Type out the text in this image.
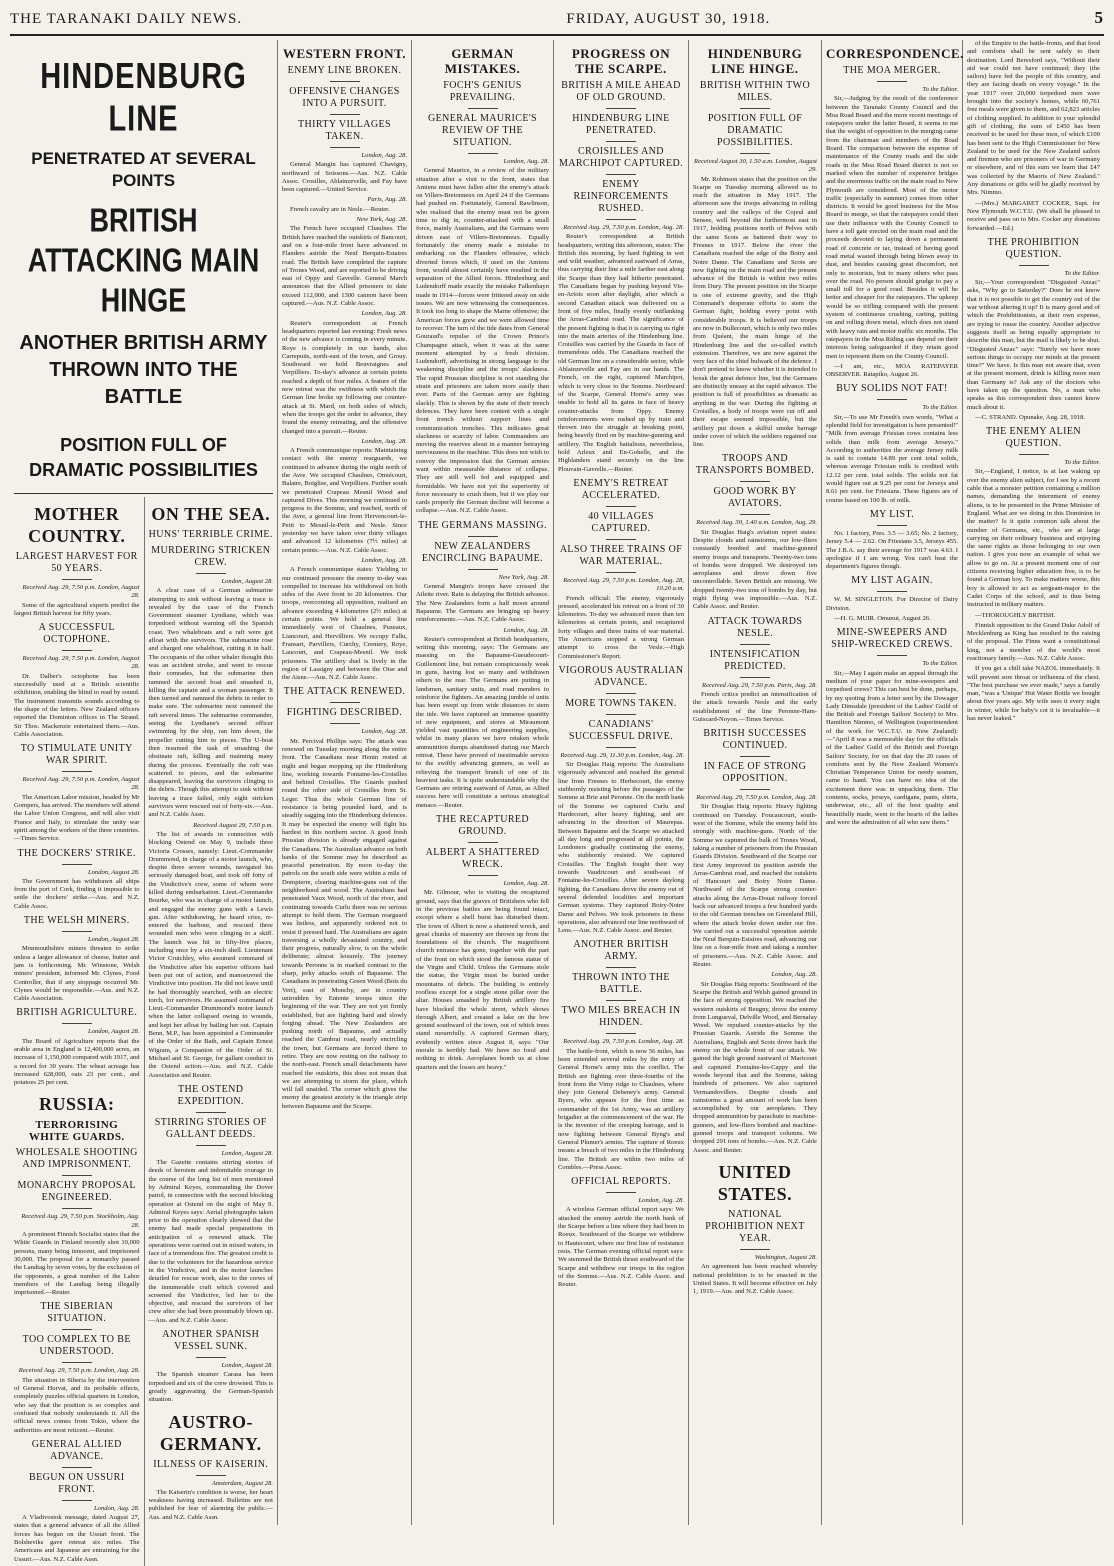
THE TARANAKI DAILY NEWS.	FRIDAY, AUGUST 30, 1918.	5
HINDENBURG LINE
PENETRATED AT SEVERAL POINTS
BRITISH ATTACKING MAIN HINGE
ANOTHER BRITISH ARMY THROWN INTO THE BATTLE
POSITION FULL OF DRAMATIC POSSIBILITIES
MOTHER COUNTRY.
LARGEST HARVEST FOR 50 YEARS.
Received Aug. 29, 7.50 p.m. London, August 28.

Some of the agricultural experts predict the largest British harvest for fifty years.

A SUCCESSFUL OCTOPHONE.
Received Aug. 29, 7.50 p.m. London, August 28.

Dr. Dalber's octophone has been successfully used at a British scientific exhibition, enabling the blind to read by sound. The instrument transmits sounds according to the shape of the letters. New Zealand officers reported the Dominion offices in The Strand. Sir Thos. Mackenzie entertained them.—Aus. Cable Association.

TO STIMULATE UNITY WAR SPIRIT.
Received Aug. 29, 7.50 p.m. London, August 28.

The American Labor mission, headed by Mr Gompers, has arrived. The members will attend the Labor Union Congress, and will also visit France and Italy, to stimulate the unity war spirit among the workers of the three countries.—Times Service.

THE DOCKERS' STRIKE.
London, August 28.

The Government has withdrawn all ships from the port of Cork, finding it impossible to settle the dockers' strike.—Aus. and N.Z. Cable Assoc.

THE WELSH MINERS.
London, August 28.

Monmouthshire miners threaten to strike unless a larger allowance of cheese, butter and jam is forthcoming. Mr. Winstone, Welsh miners' president, informed Mr. Clynes, Food Controller, that if any stoppage occurred Mr. Clynes would be responsible.—Aus. and N.Z. Cable Association.

BRITISH AGRICULTURE.
London, August 28.

The Board of Agriculture reports that the arable area in England is 12,400,000 acres, an increase of 1,150,000 compared with 1917, and a record for 30 years. The wheat acreage has increased 628,000, oats 23 per cent., and potatoes 25 per cent.

RUSSIA:
TERRORISING WHITE GUARDS.
WHOLESALE SHOOTING AND IMPRISONMENT.
MONARCHY PROPOSAL ENGINEERED.
Received Aug. 29, 7.50 p.m. Stockholm, Aug. 28.

A prominent Finnish Socialist states that the White Guards in Finland recently shot 10,000 persons, many being innocent, and imprisoned 30,000. The proposal for a monarchy passed the Landtag by seven votes, by the exclusion of the opponents, a great number of the Labor members of the Landtag being illegally imprisoned.—Reuter.

THE SIBERIAN SITUATION.
TOO COMPLEX TO BE UNDERSTOOD.
Received Aug. 29, 7.50 p.m. London, Aug. 28.

The situation in Siberia by the intervention of General Horvat, and its probable effects, completely puzzles official quarters in London, who say that the position is so complex and confused that nobody understands it. All the official news comes from Tokio, where the authorities are most reticent.—Reuter.

GENERAL ALLIED ADVANCE.
BEGUN ON USSURI FRONT.
London, Aug. 28.

A Vladivostok message, dated August 27, states that a general advance of all the Allied forces has begun on the Ussuri front. The Bolsheviks gave retreat six miles. The Americans and Japanese are entraining for the Ussuri.—Aus. N.Z. Cable Assn.

ON THE SEA.
HUNS' TERRIBLE CRIME.
MURDERING STRICKEN CREW.
London, August 28.

A clear case of a German submarine attempting to sink without leaving a trace is revealed by the case of the French Government steamer Lyndiane, which was torpedoed without warning off the Spanish coast. Two whaleboats and a raft were got afloat with the survivors. The submarine rose and charged one whaleboat, cutting it in half. The occupants of the other whaler thought this was an accident stroke, and went to rescue their comrades, but the submarine then rammed the second boat and smashed it, killing the captain and a woman passenger. It then turned and rammed the debris in order to make sure. The submarine next rammed the raft several times. The submarine commander, seeing the Lyndiane's second officer swimming by the ship, ran him down, the propeller cutting him to pieces. The U-boat then resumed the task of smashing the obstinate raft, killing and maiming many during the process. Eventually the raft was scattered to pieces, and the submarine disappeared, leaving the survivors clinging to the debris. Though this attempt to sink without leaving a trace failed, only eight stricken survivors were rescued out of forty-six.—Aus. and N.Z. Cable Assn.

Received August 29, 7.50 p.m.

The list of awards in connection with blocking Ostend on May 9, include three Victoria Crosses, namely: Lieut.-Commander Drummond, in charge of a motor launch, who, despite three severe wounds, navigated his seriously damaged boat, and took off forty of the Vindictive's crew, some of whom were killed during embarkation. Lieut.-Commander Bourke, who was in charge of a motor launch, and engaged the enemy guns with a Lewis gun. After withdrawing, he heard cries, re-entered the harbour, and rescued three wounded men who were clinging to a skiff. The launch was hit in fifty-five places, including once by a six-inch shell. Lieutenant Victor Crutchley, who assumed command of the Vindictive after his superior officers had been put out of action, and manoeuvred the Vindictive into position. He did not leave until he had thoroughly searched, with an electric torch, for survivors. He assumed command of Lieut.-Commander Drummond's motor launch when the latter collapsed owing to wounds, and kept her afloat by bailing her out. Captain Benn, M.P., has been appointed a Commander of the Order of the Bath, and Captain Ernest Wigram, a Companion of the Order of St. Michael and St. George, for gallant conduct in the Ostend action.—Aus. and N.Z. Cable Association and Reuter.

THE OSTEND EXPEDITION.
STIRRING STORIES OF GALLANT DEEDS.
London, August 28.

The Gazette contains stirring stories of deeds of heroism and indomitable courage in the course of the long list of men mentioned by Admiral Keyes, commanding the Dover patrol, in connection with the second blocking operation at Ostend on the night of May 9. Admiral Keyes says: Aerial photographs taken prior to the operation clearly showed that the enemy had made special preparations in anticipation of a renewed attack. The operations were carried out in mixed waters, in face of a tremendous fire. The greatest credit is due to the volunteers for the hazardous service in the Vindictive, and in the motor launches detailed for rescue work, also to the crews of the innumerable craft which covered and screened the Vindictive, led her to the objective, and rescued the survivors of her crew after she had been presumably blown up.—Aus. and N.Z. Cable Assoc.

ANOTHER SPANISH VESSEL SUNK.
London, August 28.

The Spanish steamer Carasa has been torpedoed and six of the crew drowned. This is greatly aggravating the German-Spanish situation.

AUSTRO-GERMANY.
ILLNESS OF KAISERIN.
Amsterdam, August 28.

The Kaiserin's condition is worse, her heart weakness having increased. Bulletins are not published for fear of alarming the public.—Aus. and N.Z. Cable Assn.

WESTERN FRONT.
ENEMY LINE BROKEN.
OFFENSIVE CHANGES INTO A PURSUIT.
THIRTY VILLAGES TAKEN.
London, Aug. 28.

General Mangin has captured Chavigny, northward of Soissons.—Aus. N.Z. Cable Assoc. Crosilles, Ablainzevelle, and Fay have been captured.—United Service.

Paris, Aug. 28.

French cavalry are in Nesle.—Reuter.

New York, Aug. 28.

The French have occupied Chaulnes. The British have reached the outskirts of Bancourt, and on a four-mile front have advanced in Flanders astride the Neuf Berquin-Estaires road. The British have completed the capture of Trones Wood, and are reported to be driving east of Oppy and Gavrelle. General March announces that the Allied prisoners to date exceed 112,000, and 1300 cannon have been captured.—Aus. N.Z. Cable Assoc.

London, Aug. 28.

Reuter's correspondent at French headquarters reported last evening: Fresh news of the new advance is coming in every minute. Roye is completely in our hands, also Carrepuits, north-east of the town, and Grouy. Southward we hold Beuvraignes and Verpilliers. To-day's advance at certain points reached a depth of four miles. A feature of the new retreat was the swiftness with which the German line broke up following our counter-attack at St. Mard, on both sides of which, when the troops got the order to advance, they found the enemy retreating, and the offensive changed into a pursuit.—Reuter.

London, Aug. 28.

A French communique reports: Maintaining contact with the enemy rearguards, we continued to advance during the night north of the Avre. We occupied Chaulnes, Omiécourt, Balatre, Boiglise, and Verpilliers. Further south we penetrated Crapeau Mesnil Wood and captured Dives. This morning we continued to progress to the Somme, and reached, north of the Avre, a general line from Hervencourt-le-Petit to Mesnil-le-Petit and Nesle. Since yesterday we have taken over thirty villages and advanced 12 kilometres (7½ miles) at certain points.—Aus. N.Z. Cable Assoc.

London, Aug. 28.

A French communique states: Yielding to our continued pressure the enemy to-day was compelled to increase his withdrawal on both sides of the Avre front to 20 kilometres. Our troops, overcoming all opposition, realised an advance exceeding 4 kilometres (2½ miles) at certain points. We hold a general line immediately west of Chaulnes, Puzeaux, Liancourt, and Hervilliers. We occupy Fallu, Fransart, Parvillers, Curchy, Cremery, Roye, Laucourt, and Crapeau-Mesnil. We took prisoners. The artillery duel is lively in the region of Lassigny and between the Oise and the Aisne.—Aus. N.Z. Cable Assoc.

THE ATTACK RENEWED.
FIGHTING DESCRIBED.
London, Aug. 28.

Mr. Percival Phillips says: The attack was renewed on Tuesday morning along the entire front. The Canadians near Henin rested at night and began mopping up the Hindenburg line, working towards Fontaine-les-Croisilles and behind Croisilles. The Guards pushed round the other side of Croisilles from St. Leger. Thus the whole German line of resistance is being pounded hard, and is steadily sagging into the Hindenburg defences. It may be expected the enemy will fight his hardest in this northern sector. A good fresh Prussian division is already engaged against the Canadians. The Australian advance on both banks of the Somme may be described as peaceful penetration. By noon to-day the patrols on the south side were within a mile of Dompierre, clearing machine-guns out of the neighborhood and wood. The Australians had penetrated Vaux Wood, north of the river, and continuing towards Curlu there was no serious attempt to hold them. The German rearguard was listless, and apparently ordered not to resist if pressed hard. The Australians are again traversing a wholly devastated country, and their progress, naturally slow, is on the whole deliberate; almost leisurely. The journey towards Peronne is in marked contrast to the sharp, jerky attacks south of Bapaume. The Canadians in penetrating Green Wood (Bois du Vert), east of Monchy, are in country untrodden by Entente troops since the beginning of the war. They are not yet firmly established, but are fighting hard and slowly forging ahead. The New Zealanders are pushing north of Bapaume, and actually reached the Cambrai road, nearly encircling the town, but Germans are forced there to retire. They are now resting on the railway to the north-east. French small detachments have reached the outskirts, this does not mean that we are attempting to storm the place, which will fall unaided. The corner which gives the enemy the greatest anxiety is the triangle strip between Bapaume and the Scarpe.

GERMAN MISTAKES.
FOCH'S GENIUS PREVAILING.
GENERAL MAURICE'S REVIEW OF THE SITUATION.
London, Aug. 28.

General Maurice, in a review of the military situation after a visit to the front, states that Amiens must have fallen after the enemy's attack on Villers-Bretonneux on April 24 if the Germans had pushed on. Fortunately, General Rawlinson, who realised that the enemy must not be given time to dig in, counter-attacked with a small force, mainly Australians, and the Germans were driven east of Villers-Bretonneux. Equally fortunately the enemy made a mistake in embarking on the Flanders offensive, which diverted forces which, if used on the Amiens front, would almost certainly have resulted in the separation of the Allied forces. Hindenburg and Ludendorff made exactly the mistake Falkenhayn made in 1914—forces were frittered away on side issues. We are now witnessing the consequences. It took too long to shape the Marne offensive; the American forces grew and we were allowed time to recover. The turn of the tide dates from General Gouraud's repulse of the Crown Prince's Champagne attack, when it was at the same moment attempted by a fresh division. Ludendorff, advertising in strong language to the weakening discipline and the troops' slackness. The rapid Prussian discipline is not standing the strain and prisoners are taken more easily than ever. Parts of the German army are fighting slackly. This is shown by the state of their trench defences. They have been content with a single front trench without support lines and communication trenches. This indicates great slackness or scarcity of labor. Commanders are moving the reserves about in a manner betraying nervousness in the machine. This does not wish to convey the impression that the German armies want within measurable distance of collapse. They are still well fed and equipped and formidable. We have not yet the superiority of force necessary to crush them, but if we play our cards properly the German decline will become a collapse.—Aus. N.Z. Cable Assoc.

THE GERMANS MASSING.
NEW ZEALANDERS ENCIRCLING BAPAUME.
New York, Aug. 28.

General Mangin's troops have crossed the Ailette river. Rain is delaying the British advance. The New Zealanders form a half moon around Bapaume. The Germans are bringing up heavy reinforcements.—Aus. N.Z. Cable Assoc.

London, Aug. 28.

Reuter's correspondent at British headquarters, writing this morning, says: The Germans are massing on the Bapaume-Gueudecourt-Guillemont line, but remain conspicuously weak in guns, having lost so many and withdrawn others to the rear. The Germans are putting in landsmen, sanitary units, and road menders to reinforce the fighters. An amazing jumble of units has been swept up from wide distances to stem the tide. We have captured an immense quantity of new equipment, and stores at Miraumont yielded vast quantities of engineering supplies, whilst in many places we have retaken whole ammunition dumps abandoned during our March retreat. These have proved of inestimable service to the swiftly advancing gunners, as well as relieving the transport branch of one of its heaviest tasks. It is quite understandable why the Germans are retiring eastward of Arras, as Allied success here will constitute a serious strategical menace.—Reuter.

THE RECAPTURED GROUND.
ALBERT A SHATTERED WRECK.
London, Aug. 28.

Mr. Gilmour, who is visiting the recaptured ground, says that the graves of Britishers who fell in the previous battles are being found intact, except where a shell burst has disturbed them. The town of Albert is now a shattered wreck, and great chunks of masonry are thrown up from the foundations of the church. The magnificent church entrance has gone, together with the part of the front on which stood the famous statue of the Virgin and Child. Unless the Germans stole the statue, the Virgin must be buried under mountains of debris. The building is entirely roofless except for a single stone pillar over the altar. Houses smashed by British artillery fire have blocked the whole street, which shows through Albert, and created a lake on the low ground southward of the town, out of which trees stand mournfully. A captured German diary, evidently written since August 8, says: "Our morale is terribly bad. We have no food and nothing to drink. Aeroplanes bomb us at close quarters and the losses are heavy."

PROGRESS ON THE SCARPE.
BRITISH A MILE AHEAD OF OLD GROUND.
HINDENBURG LINE PENETRATED.
CROISILLES AND MARCHIPOT CAPTURED.
ENEMY REINFORCEMENTS RUSHED.
Received Aug. 29, 7.50 p.m. London, Aug. 28.

Reuter's correspondent at British headquarters, writing this afternoon, states: The British this morning, by hard fighting in wet and wild weather, advanced eastward of Arras, thus carrying their line a mile farther east along the Scarpe than they had hitherto penetrated. The Canadians began by pushing beyond Vis-en-Artois soon after daylight, after which a second Canadian attack was delivered on a front of five miles, finally evenly outflanking the Arras-Cambrai road. The significance of the present fighting is that it is carrying us right into the main arteries of the Hindenburg line. Croisilles was carried by the Guards in face of tremendous odds. The Canadians reached the old German line on a considerable sector, while Ablainzevelle and Fay are in our hands. The French, on the right, captured Marchipot, which is very close to the Somme. Northward of the Scarpe, General Horne's army was unable to hold all its gains in face of heavy counter-attacks from Oppy. Enemy reinforcements were rushed up by train and thrown into the struggle at breaking point, being heavily fired on by machine-gunning and artillery. The English battalions, nevertheless, hold Arleux and En-Gohelle, and the Highlanders stand securely on the line Plouvain-Gavrelle.—Reuter.

ENEMY'S RETREAT ACCELERATED.
40 VILLAGES CAPTURED.
ALSO THREE TRAINS OF WAR MATERIAL.
Received Aug. 29, 7.50 p.m. London, Aug. 28, 10.20 a.m.

French official: The enemy, vigorously pressed, accelerated his retreat on a front of 30 kilometres. To-day we advanced more than ten kilometres at certain points, and recaptured forty villages and three trains of war material. The Americans stopped a strong German attempt to cross the Vesle.—High Commissioner's Report.

VIGOROUS AUSTRALIAN ADVANCE.
MORE TOWNS TAKEN.
CANADIANS' SUCCESSFUL DRIVE.
Received Aug. 29, 11.30 p.m. London, Aug. 28.

Sir Douglas Haig reports: The Australians vigorously advanced and reached the general line from Fresnes to Herbecourt, the enemy stubbornly resisting before the passages of the Somme at Brie and Peronne. On the north bank of the Somme we captured Curlu and Hardecourt, after heavy fighting, and are advancing in the direction of Maurepas. Between Bapaume and the Scarpe we attacked all day long and progressed at all points, the Londoners gradually continuing the enemy, who stubbornly resisted. We captured Croisilles. The English fought their way towards Vaudricourt and south-east of Fontaine-les-Croisilles. After severe daylong fighting, the Canadians drove the enemy out of several defended localities and important German systems. They captured Boiry-Notre Dame and Pelves. We took prisoners in these operations, also advanced our line northward of Lens.—Aus. N.Z. Cable Assoc. and Reuter.

ANOTHER BRITISH ARMY.
THROWN INTO THE BATTLE.
TWO MILES BREACH IN HINDEN.
Received Aug. 29, 7.50 p.m. London, Aug. 28.

The battle-front, which is now 56 miles, has been extended several miles by the entry of General Horne's army into the conflict. The British are fighting over three-fourths of the front from the Vimy ridge to Chaulnes, where they join General Debeney's army. General Byers, who appears for the first time as commander of the 1st Army, was an artillery brigadier at the commencement of the war. He is the inventor of the creeping barrage, and is now fighting between General Byng's and General Plumer's armies. The capture of Roeux means a breach of two miles in the Hindenburg line. The British are within two miles of Combles.—Press Assoc.

OFFICIAL REPORTS.
London, Aug. 28.

A wireless German official report says: We attacked the enemy astride the north bank of the Scarpe before a line where they had been in Roeux. Southward of the Scarpe we withdrew to Hautecourt, where our first line of resistance rests. The German evening official report says: We stemmed the British thrust southward of the Scarpe and withdrew our troops in the region of the Somme.—Aus. N.Z. Cable Assoc. and Reuter.

HINDENBURG LINE HINGE.
BRITISH WITHIN TWO MILES.
POSITION FULL OF DRAMATIC POSSIBILITIES.
Received August 30, 1.50 a.m. London, August 29.

Mr. Robinson states that the position on the Scarpe on Tuesday morning allowed us to reach the situation in May 1917. The afternoon saw the troops advancing in rolling country and the valleys of the Cojeul and Sensee, well beyond the furthermost east in 1917, holding positions north of Pelves with the same Scots as battered their way to Fresnes in 1917. Below the river the Canadians reached the edge of the Boiry and Notre Dame. The Canadians and Scots are now fighting on the main road and the present advance of the British is within two miles from Dury. The present position on the Scarpe is one of extreme gravity, and the High Command's desperate efforts to stem the German fight, holding every point with considerable troops. It is believed our troops are now in Bullecourt, which is only two miles from Quéant, the main hinge of the Hindenburg line and the so-called switch extension. Therefore, we are now against the very face of the chief bulwark of the defence. I don't pretend to know whether it is intended to break the great defence line, but the Germans are distinctly uneasy at the rapid advance. The position is full of possibilities as dramatic as anything in the war. During the fighting at Croisilles, a body of troops were cut off and their escape seemed impossible, but the artillery put down a skilful smoke barrage under cover of which the soldiers regained our line.

TROOPS AND TRANSPORTS BOMBED.
GOOD WORK BY AVIATORS.
Received Aug. 30, 1.40 a.m. London, Aug. 29.

Sir Douglas Haig's aviation report states: Despite clouds and rainstorms, our low-fliers constantly bombed and machine-gunned enemy troops and transports. Twenty-two tons of bombs were dropped. We destroyed ten aeroplanes and drove down five uncontrollable. Seven British are missing. We dropped twenty-two tons of bombs by day, but night flying was impossible.—Aus. N.Z. Cable Assoc. and Reuter.

ATTACK TOWARDS NESLE.
INTENSIFICATION PREDICTED.
Received Aug. 29, 7.50 p.m. Paris, Aug. 28.

French critics predict an intensification of the attack towards Nesle and the early establishment of the line Peronne-Ham-Guiscard-Noyon.—Times Service.

BRITISH SUCCESSES CONTINUED.
IN FACE OF STRONG OPPOSITION.
Received Aug. 29, 7.50 p.m. London, Aug. 28.

Sir Douglas Haig reports: Heavy fighting continued on Tuesday. Foucaucourt, south-west of the Somme, while the enemy held his strongly with machine-guns. North of the Somme we captured the bulk of Trones Wood, taking a number of prisoners from the Prussian Guards Division. Southward of the Scarpe our first Army improved its position astride the Arras-Cambrai road, and reached the outskirts of Hancourt and Boiry Notre Dame. Northward of the Scarpe strong counter-attacks along the Arras-Douai railway forced back our advanced troops a few hundred yards to the old German trenches on Greenland Hill, where the attack broke down under our fire. We carried out a successful operation astride the Neuf Berquin-Estaires road, advancing our line on a four-mile front and taking a number of prisoners.—Aus. N.Z. Cable Assoc. and Reuter.

London, Aug. 28.

Sir Douglas Haig reports: Southward of the Scarpe the British and Welsh gained ground in the face of strong opposition. We reached the western outskirts of Beugny, drove the enemy from Longueval, Delville Wood, and Bernafay Wood. We repulsed counter-attacks by the Prussian Guards. Astride the Somme the Australians, English and Scots drove back the enemy on the whole front of our attack. We gained the high ground eastward of Maricourt and captured Fontaine-les-Cappy and the woods beyond that and the Somme, taking hundreds of prisoners. We also captured Vermandovillers. Despite clouds and rainstorms a great amount of work has been accomplished by our aeroplanes. They dropped ammunition by parachute to machine-gunners, and low-fliers bombed and machine-gunned troops and transport columns. We dropped 291 tons of bombs.—Aus. N.Z. Cable Assoc. and Reuter.

UNITED STATES.
NATIONAL PROHIBITION NEXT YEAR.
Washington, August 28.

An agreement has been reached whereby national prohibition is to be enacted in the United States. It will become effective on July 1, 1919.—Aus. and N.Z. Cable Assoc.

CORRESPONDENCE.
THE MOA MERGER.
To the Editor.

Sir,—Judging by the result of the conference between the Taranaki County Council and the Moa Road Board and the more recent meetings of ratepayers under the latter Board, it seems to me that the weight of opposition to the merging came from the chairman and members of the Road Board. The comparison between the expense of maintenance of the County roads and the side roads in the Moa Road Board district is not so marked when the number of expensive bridges and the enormous traffic on the main road to New Plymouth are considered. Most of the motor traffic (especially in summer) comes from other districts. It would be good business for the Moa Board to merge, so that the ratepayers could then use their influence with the County Council to have a toll gate erected on the main road and the proceeds devoted to laying down a permanent road of concrete or tar, instead of having good road metal wasted through being blown away in dust, and besides causing great discomfort, not only to motorists, but to many others who pass over the road. No person should grudge to pay a small toll for a good road. Besides it will be better and cheaper for the ratepayers. The upkeep would be so trifling compared with the present system of continuous crushing, carting, putting on and rolling down metal, which does not stand with heavy rain and motor traffic six months. The ratepayers in the Moa Riding can depend on their interests being safeguarded if they retain good men to represent them on the County Council.

—I am, etc., MOA RATEPAYER OBSERVER. Ratapiko, August 26.

BUY SOLIDS NOT FAT!
To the Editor.

Sir,—To use Mr Freeth's own words, "What a splendid field for investigation is here presented!" "Milk from average Friesian cows contains less solids than milk from average Jerseys." According to authorities the average Jersey milk is said to contain 14.89 per cent total solids, whereas average Friesian milk is credited with 12.12 per cent. total solids. The solids not fat would figure out at 9.25 per cent for Jerseys and 8.61 per cent. for Friesians. These figures are of course based on 100 lb. of milk.

MY LIST.

No. 1 factory, Pres. 3.5 — 3.65; No. 2 factory, Jersey 5.4 — 2.62. On Friesians 3.5, Jerseys 455. The J.B.A. say their average for 1917 was 4.63. I apologize if I am wrong. You can't beat the department's figures though.

MY LIST AGAIN.

W. M. SINGLETON. For Director of Dairy Division.

—H. G. MUIR. Omunui, August 26.

MINE-SWEEPERS AND SHIP-WRECKED CREWS.
To the Editor.

Sir,—May I again make an appeal through the medium of your paper for mine-sweepers and torpedoed crews? This can best be done, perhaps, by my quoting from a letter sent by the Dowager Lady Dimsdale (president of the Ladies' Guild of the British and Foreign Sailors' Society) to Mrs. Hamilton Nimmo, of Wellington (superintendent of the work for W.C.T.U. in New Zealand):—"April 8 was a memorable day for the officials of the Ladies' Guild of the British and Foreign Sailors' Society, for on that day the 20 cases of comforts sent by the New Zealand Women's Christian Temperance Union for needy seamen, came to hand. You can have no idea of the excitement there was in unpacking them. The contents, socks, jerseys, cardigans, pants, shirts, underwear, etc., all of the best quality and beautifully made, went to the hearts of the ladies and were the admiration of all who saw them."

of the Empire to the battle-fronts, and that food and comforts shall be sent safely to their destination. Lord Beresford says, "Without their aid war could not have continued; they (the sailors) have fed the people of this country, and they are facing death on every voyage." In the year 1917 over 20,000 torpedoed men were brought into the society's homes, while 60,761 free meals were given to them, and 62,823 articles of clothing supplied. In addition to your splendid gift of clothing, the sum of £450 has been received to be used for these men, of which £100 has been sent to the High Commissioner for New Zealand to be used for the New Zealand sailors and firemen who are prisoners of war in Germany or elsewhere, and of this sum we learn that £47 was collected by the Maoris of New Zealand." Any donations or gifts will be gladly received by Mrs. Nimmo.

—(Mrs.) MARGARET COCKER, Supt. for New Plymouth W.C.T.U. (We shall be pleased to receive and pass on to Mrs. Cocker any donations forwarded.—Ed.)

THE PROHIBITION QUESTION.
To the Editor.

Sir,—Your correspondent "Disgusted Anzac" asks, "Why go to Saturday?" Does he not know that it is not possible to get the country out of the war without altering it up? It is many good and of which the Prohibitionists, at their own expense, are trying to rouse the country. Another adjective suggests itself as being equally appropriate to describe this man, but the mail is likely to be shut. "Disgusted Anzac" says: "Surely we have more serious things to occupy our minds at the present time?" We have. Is this man not aware that, even at the present moment, drink is killing more men than Germany is? Ask any of the doctors who have taken up the question. No, a man who speaks as this correspondent does cannot know much about it.

—C. STRAND. Opunake, Aug. 28, 1918.

THE ENEMY ALIEN QUESTION.
To the Editor.

Sir,—England, I notice, is at last waking up over the enemy alien subject, for I see by a recent cable that a monster petition containing a million names, demanding the internment of enemy aliens, is to be presented to the Prime Minister of England. What are we doing in this Dominion in the matter? Is it quite common talk about the number of Germans, etc., who are at large carrying on their ordinary business and enjoying the same rights as those belonging to our own nation. I give you now an example of what we allow to go on. At a present moment one of our citizens receiving higher education free, is to be found a German boy. To make matters worse, this boy is allowed to act as sergeant-major to the Cadet Corps of the school, and is thus being instructed in military matters.

—THOROUGHLY BRITISH.

Finnish opposition to the Grand Duke Adolf of Mecklenburg as King has resulted in the raising of the proposal. The Finns want a constitutional king, not a member of the world's most reactionary family.—Aus. N.Z. Cable Assoc.

If you get a chill take NAZOL immediately. It will prevent sore throat or influenza of the chest. "The best purchase we ever made," says a family man, "was a 'Unique' Hot Water Bottle we bought about five years ago. My wife uses it every night in winter, while for baby's cot it is invaluable—it has never leaked."
